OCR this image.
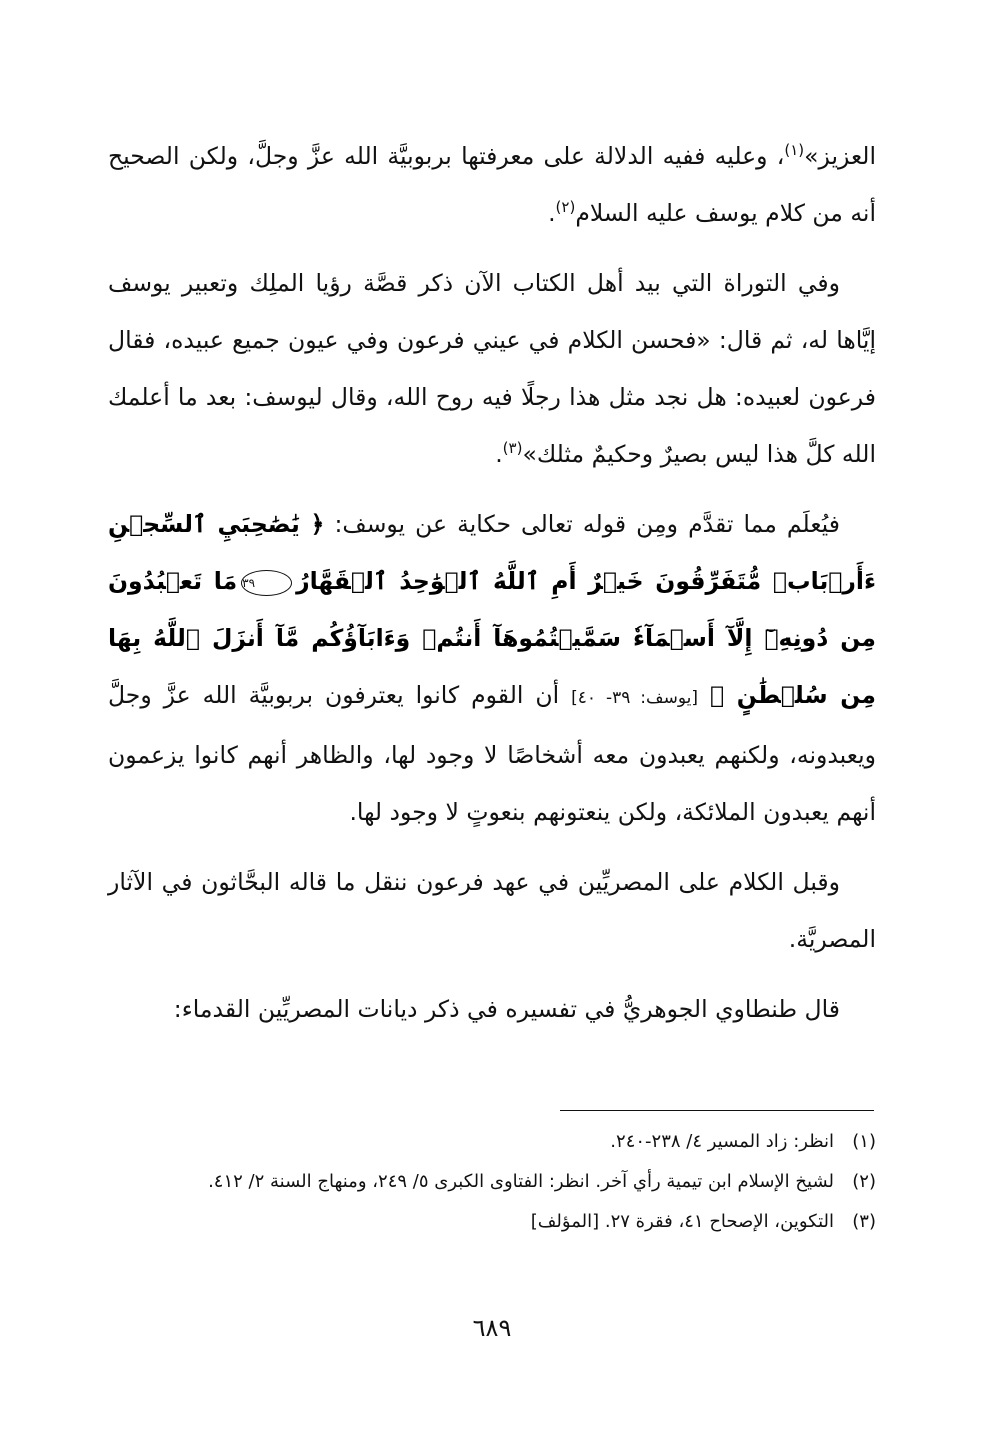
العزيز»$^{(١)}$، وعليه ففيه الدلالة على معرفتها بربوبيَّة الله عزَّ وجلَّ، ولكن الصحيح أنه من كلام يوسف عليه السلام$^{(٢)}$.

وفي التوراة التي بيد أهل الكتاب الآن ذكر قصَّة رؤيا الملِك وتعبير يوسف إيَّاها له، ثم قال: «فحسن الكلام في عيني فرعون وفي عيون جميع عبيده، فقال فرعون لعبيده: هل نجد مثل هذا رجلًا فيه روح الله، وقال ليوسف: بعد ما أعلمك الله كلَّ هذا ليس بصيرٌ وحكيمٌ مثلك»$^{(٣)}$.

فيُعلَم مما تقدَّم ومِن قوله تعالى حكاية عن يوسف: ﴿ يَٰصَٰحِبَيِ ٱلسِّجۡنِ ءَأَرۡبَابٞ مُّتَفَرِّقُونَ خَيۡرٌ أَمِ ٱللَّهُ ٱلۡوَٰحِدُ ٱلۡقَهَّارُ٣٩مَا تَعۡبُدُونَ مِن دُونِهِۦٓ إِلَّآ أَسۡمَآءٗ سَمَّيۡتُمُوهَآ أَنتُمۡ وَءَابَآؤُكُم مَّآ أَنزَلَ ٱللَّهُ بِهَا مِن سُلۡطَٰنٍ ﴾ [يوسف: ٣٩- ٤٠] أن القوم كانوا يعترفون بربوبيَّة الله عزَّ وجلَّ ويعبدونه، ولكنهم يعبدون معه أشخاصًا لا وجود لها، والظاهر أنهم كانوا يزعمون أنهم يعبدون الملائكة، ولكن ينعتونهم بنعوتٍ لا وجود لها.

وقبل الكلام على المصريِّين في عهد فرعون ننقل ما قاله البحَّاثون في الآثار المصريَّة.

قال طنطاوي الجوهريُّ في تفسيره في ذكر ديانات المصريِّين القدماء:

(١)
انظر: زاد المسير ٤/ ٢٣٨-٢٤٠.
(٢)
لشيخ الإسلام ابن تيمية رأي آخر. انظر: الفتاوى الكبرى ٥/ ٢٤٩، ومنهاج السنة ٢/ ٤١٢.
(٣)
التكوين، الإصحاح ٤١، فقرة ٢٧. [المؤلف]
٦٨٩
